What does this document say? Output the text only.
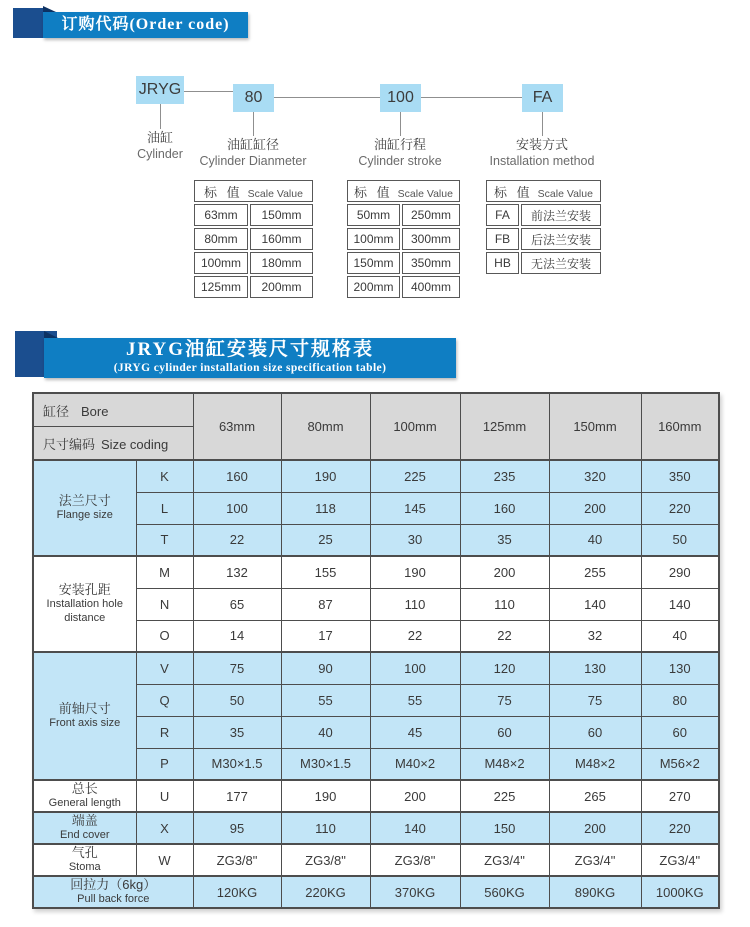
订购代码(Order code)
JRYG	80	100	FA
油缸
Cylinder
油缸缸径
Cylinder Dianmeter
油缸行程
Cylinder stroke
安装方式
Installation method
标 值 Scale Value	
63mm	150mm
80mm	160mm
100mm	180mm
125mm	200mm
标 值 Scale Value	
50mm	250mm
100mm	300mm
150mm	350mm
200mm	400mm
标 值 Scale Value	
FA	前法兰安装
FB	后法兰安装
HB	无法兰安装
JRYG油缸安装尺寸规格表
(JRYG cylinder installation size specification table)
缸径 Bore		63mm	80mm	100mm	125mm	150mm	160mm
尺寸编码 Size coding							

法兰尺寸
Flange size	K	160	190	225	235	320	350
	L	100	118	145	160	200	220
	T	22	25	30	35	40	50

安装孔距
Installation hole distance	M	132	155	190	200	255	290
	N	65	87	110	110	140	140
	O	14	17	22	22	32	40

前轴尺寸
Front axis size	V	75	90	100	120	130	130
	Q	50	55	55	75	75	80
	R	35	40	45	60	60	60
	P	M30×1.5	M30×1.5	M40×2	M48×2	M48×2	M56×2

总长
General length	U	177	190	200	225	265	270

端盖
End cover	X	95	110	140	150	200	220

气孔
Stoma	W	ZG3/8"	ZG3/8"	ZG3/8"	ZG3/4"	ZG3/4"	ZG3/4"

回拉力（6kg）
Pull back force		120KG	220KG	370KG	560KG	890KG	1000KG
